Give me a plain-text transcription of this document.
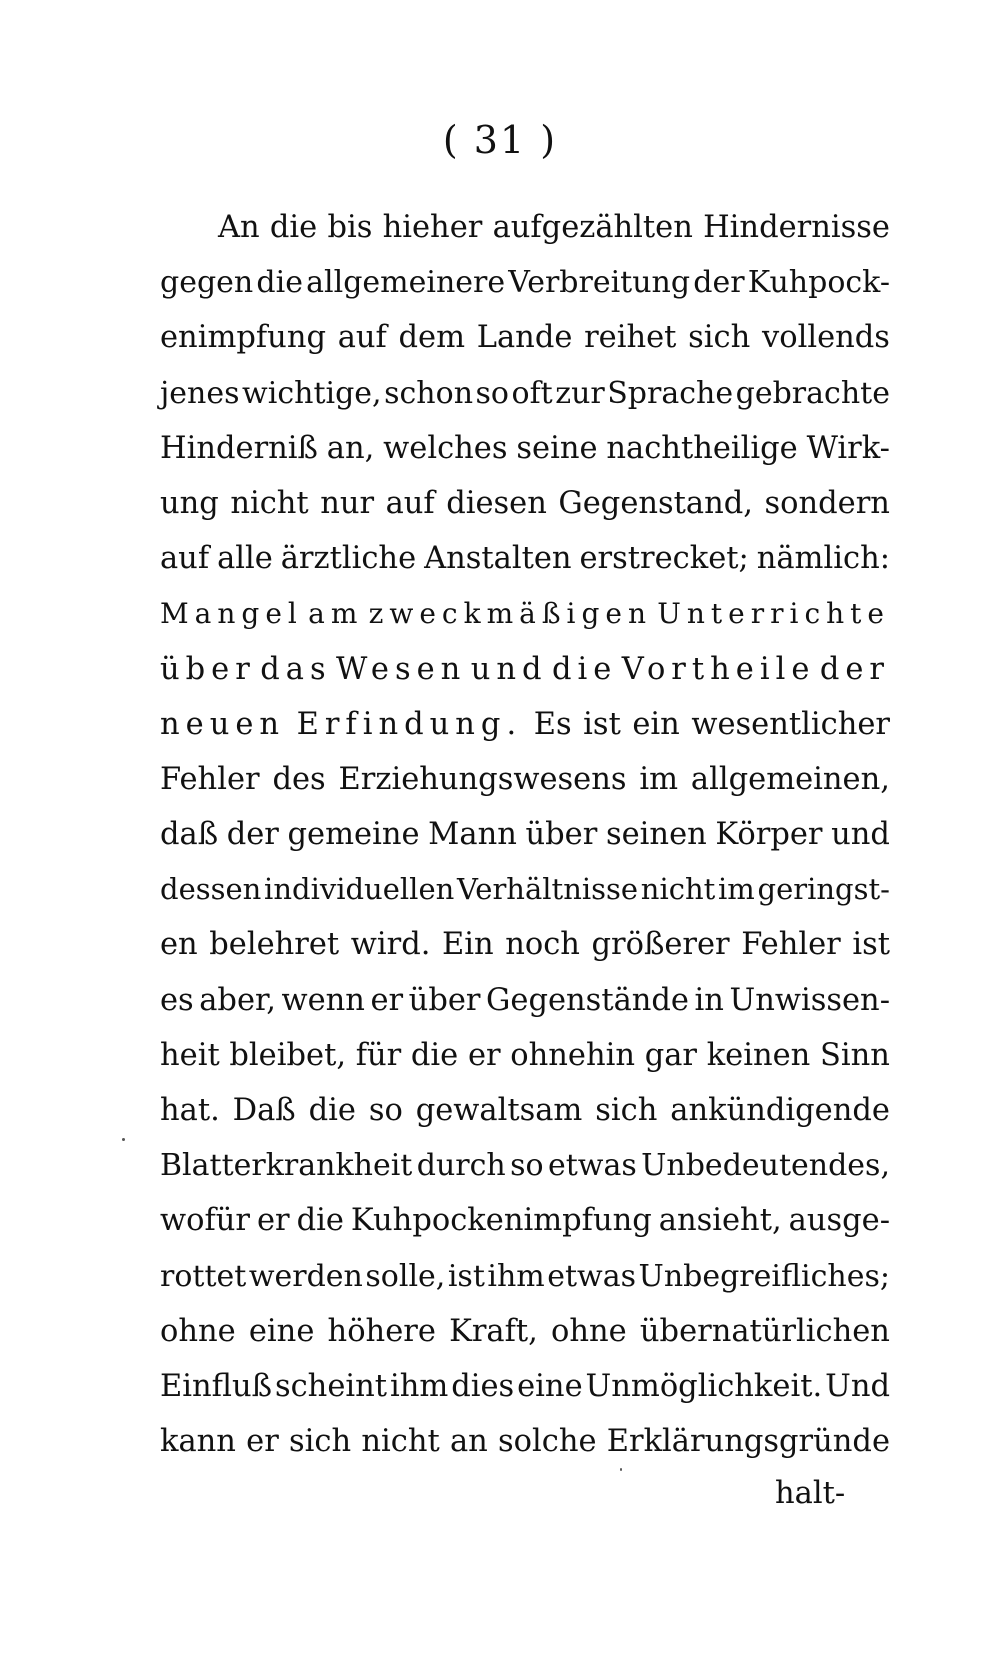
( 31 )
An die bis hieher aufgezählten Hindernisse
gegen die allgemeinere Verbreitung der Kuhpock-
enimpfung auf dem Lande reihet sich vollends
jenes wichtige, schon so oft zur Sprache gebrachte
Hinderniß an, welches seine nachtheilige Wirk-
ung nicht nur auf diesen Gegenstand, sondern
auf alle ärztliche Anstalten erstrecket; nämlich:
Mangel am zweckmäßigen Unterrichte
über das Wesen und die Vortheile der
neuen Erfindung. Es ist ein wesentlicher
Fehler des Erziehungswesens im allgemeinen,
daß der gemeine Mann über seinen Körper und
dessen individuellen Verhältnisse nicht im geringst-
en belehret wird. Ein noch größerer Fehler ist
es aber, wenn er über Gegenstände in Unwissen-
heit bleibet, für die er ohnehin gar keinen Sinn
hat. Daß die so gewaltsam sich ankündigende
Blatterkrankheit durch so etwas Unbedeutendes,
wofür er die Kuhpockenimpfung ansieht, ausge-
rottet werden solle, ist ihm etwas Unbegreifliches;
ohne eine höhere Kraft, ohne übernatürlichen
Einfluß scheint ihm dies eine Unmöglichkeit. Und
kann er sich nicht an solche Erklärungsgründe
halt-
